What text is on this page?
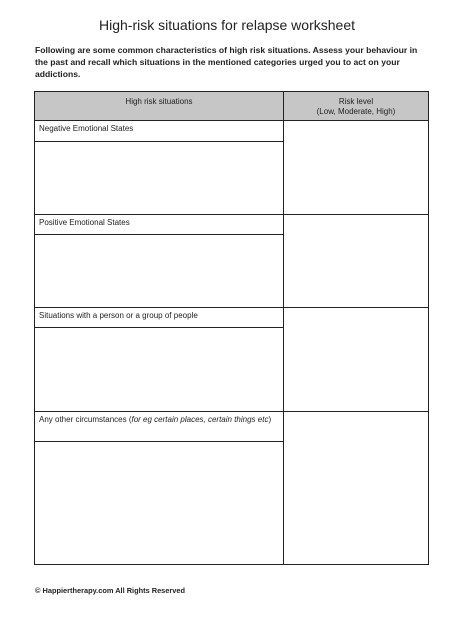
High-risk situations for relapse worksheet
Following are some common characteristics of high risk situations. Assess your behaviour in the past and recall which situations in the mentioned categories urged you to act on your addictions.
High risk situations	Risk level
(Low, Moderate, High)
Negative Emotional States
Positive Emotional States
Situations with a person or a group of people
Any other circumstances (for eg certain places, certain things etc)
© Happiertherapy.com All Rights Reserved
